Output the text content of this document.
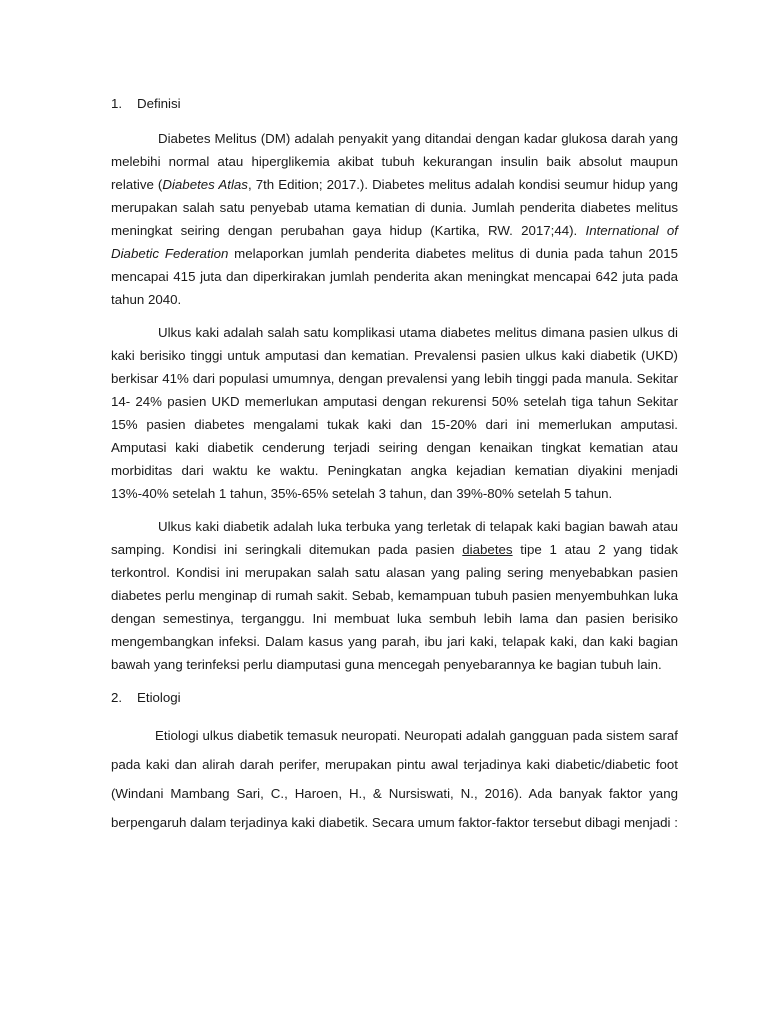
1. Definisi

Diabetes Melitus (DM) adalah penyakit yang ditandai dengan kadar glukosa darah yang melebihi normal atau hiperglikemia akibat tubuh kekurangan insulin baik absolut maupun relative (Diabetes Atlas, 7th Edition; 2017.). Diabetes melitus adalah kondisi seumur hidup yang merupakan salah satu penyebab utama kematian di dunia. Jumlah penderita diabetes melitus meningkat seiring dengan perubahan gaya hidup (Kartika, RW. 2017;44). International of Diabetic Federation melaporkan jumlah penderita diabetes melitus di dunia pada tahun 2015 mencapai 415 juta dan diperkirakan jumlah penderita akan meningkat mencapai 642 juta pada tahun 2040.

Ulkus kaki adalah salah satu komplikasi utama diabetes melitus dimana pasien ulkus di kaki berisiko tinggi untuk amputasi dan kematian. Prevalensi pasien ulkus kaki diabetik (UKD) berkisar 41% dari populasi umumnya, dengan prevalensi yang lebih tinggi pada manula. Sekitar 14- 24% pasien UKD memerlukan amputasi dengan rekurensi 50% setelah tiga tahun Sekitar 15% pasien diabetes mengalami tukak kaki dan 15-20% dari ini memerlukan amputasi. Amputasi kaki diabetik cenderung terjadi seiring dengan kenaikan tingkat kematian atau morbiditas dari waktu ke waktu. Peningkatan angka kejadian kematian diyakini menjadi 13%-40% setelah 1 tahun, 35%-65% setelah 3 tahun, dan 39%-80% setelah 5 tahun.

Ulkus kaki diabetik adalah luka terbuka yang terletak di telapak kaki bagian bawah atau samping. Kondisi ini seringkali ditemukan pada pasien diabetes tipe 1 atau 2 yang tidak terkontrol. Kondisi ini merupakan salah satu alasan yang paling sering menyebabkan pasien diabetes perlu menginap di rumah sakit. Sebab, kemampuan tubuh pasien menyembuhkan luka dengan semestinya, terganggu. Ini membuat luka sembuh lebih lama dan pasien berisiko mengembangkan infeksi. Dalam kasus yang parah, ibu jari kaki, telapak kaki, dan kaki bagian bawah yang terinfeksi perlu diamputasi guna mencegah penyebarannya ke bagian tubuh lain.

2. Etiologi

Etiologi ulkus diabetik temasuk neuropati. Neuropati adalah gangguan pada sistem saraf pada kaki dan alirah darah perifer, merupakan pintu awal terjadinya kaki diabetic/diabetic foot (Windani Mambang Sari, C., Haroen, H., & Nursiswati, N., 2016). Ada banyak faktor yang berpengaruh dalam terjadinya kaki diabetik. Secara umum faktor-faktor tersebut dibagi menjadi :
